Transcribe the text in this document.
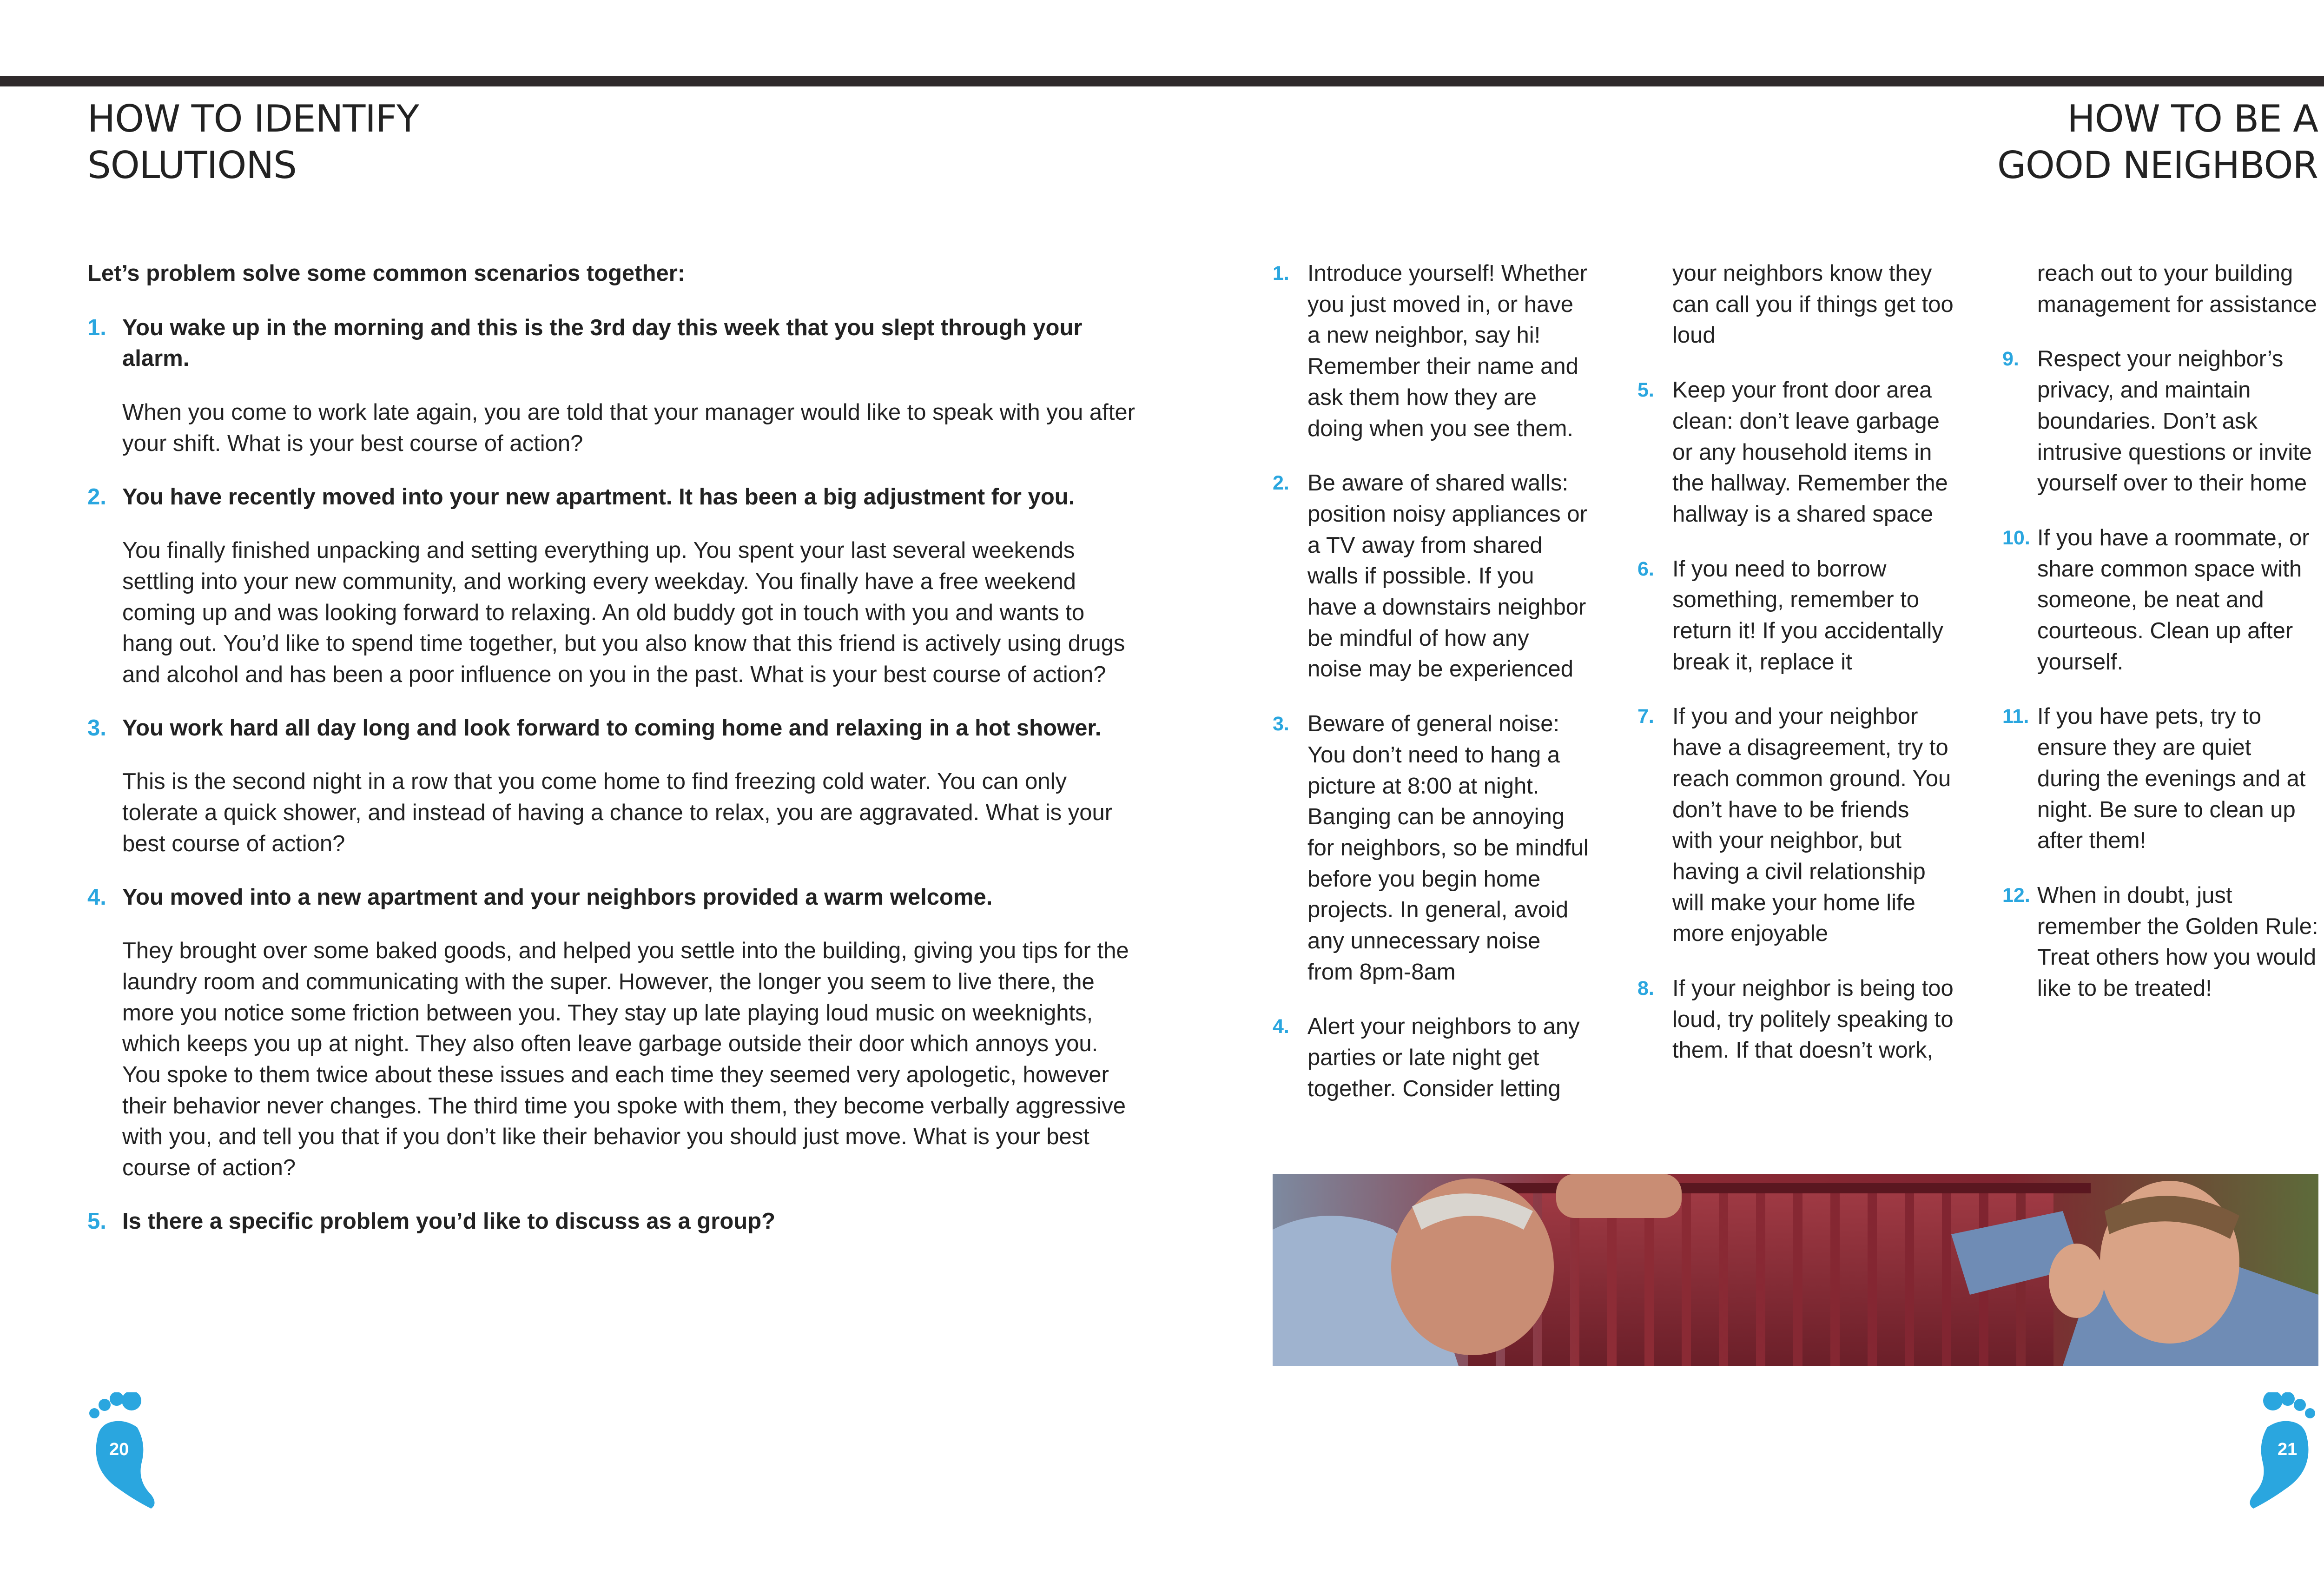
HOW TO IDENTIFY
SOLUTIONS

Let’s problem solve some common scenarios together:

1. You wake up in the morning and this is the 3rd day this week that you slept through your alarm.

When you come to work late again, you are told that your manager would like to speak with you after your shift. What is your best course of action?

2. You have recently moved into your new apartment. It has been a big adjustment for you.

You finally finished unpacking and setting everything up. You spent your last several weekends settling into your new community, and working every weekday. You finally have a free weekend coming up and was looking forward to relaxing. An old buddy got in touch with you and wants to hang out. You’d like to spend time together, but you also know that this friend is actively using drugs and alcohol and has been a poor influence on you in the past. What is your best course of action?

3. You work hard all day long and look forward to coming home and relaxing in a hot shower.

This is the second night in a row that you come home to find freezing cold water. You can only tolerate a quick shower, and instead of having a chance to relax, you are aggravated. What is your best course of action?

4. You moved into a new apartment and your neighbors provided a warm welcome.

They brought over some baked goods, and helped you settle into the building, giving you tips for the laundry room and communicating with the super. However, the longer you seem to live there, the more you notice some friction between you. They stay up late playing loud music on weeknights, which keeps you up at night. They also often leave garbage outside their door which annoys you. You spoke to them twice about these issues and each time they seemed very apologetic, however their behavior never changes. The third time you spoke with them, they become verbally aggressive with you, and tell you that if you don’t like their behavior you should just move. What is your best course of action?

5. Is there a specific problem you’d like to discuss as a group?

HOW TO BE A
GOOD NEIGHBOR
1. Introduce yourself! Whether you just moved in, or have a new neighbor, say hi! Remember their name and ask them how they are doing when you see them.
2. Be aware of shared walls: position noisy appliances or a TV away from shared walls if possible. If you have a downstairs neighbor be mindful of how any noise may be experienced
3. Beware of general noise: You don’t need to hang a picture at 8:00 at night. Banging can be annoying for neighbors, so be mindful before you begin home projects. In general, avoid any unnecessary noise from 8pm-8am
4. Alert your neighbors to any parties or late night get together. Consider letting your neighbors know they can call you if things get too loud
5. Keep your front door area clean: don’t leave garbage or any household items in the hallway. Remember the hallway is a shared space
6. If you need to borrow something, remember to return it! If you accidentally break it, replace it
7. If you and your neighbor have a disagreement, try to reach common ground. You don’t have to be friends with your neighbor, but having a civil relationship will make your home life more enjoyable
8. If your neighbor is being too loud, try politely speaking to them. If that doesn’t work, reach out to your building management for assistance
9. Respect your neighbor’s privacy, and maintain boundaries. Don’t ask intrusive questions or invite yourself over to their home
10. If you have a roommate, or share common space with someone, be neat and courteous. Clean up after yourself.
11. If you have pets, try to ensure they are quiet during the evenings and at night. Be sure to clean up after them!
12. When in doubt, just remember the Golden Rule: Treat others how you would like to be treated!
20	21
